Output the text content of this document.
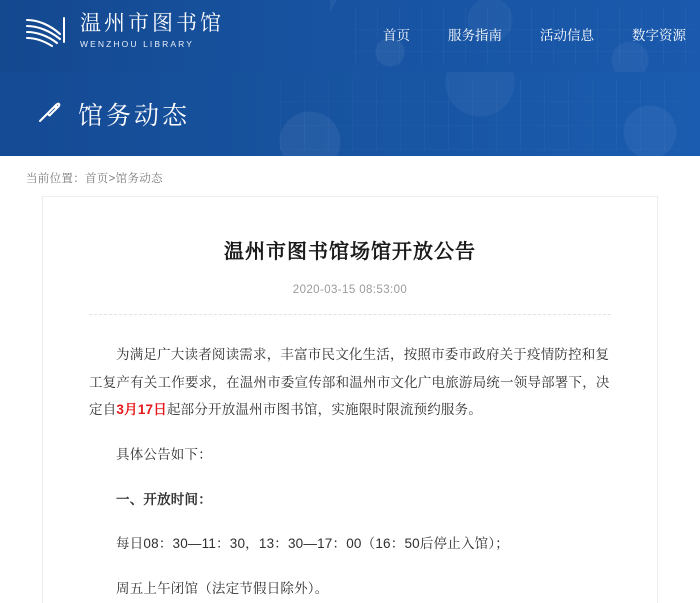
温州市图书馆
WENZHOU LIBRARY
首页	服务指南	活动信息	数字资源
馆务动态
当前位置：首页>馆务动态
温州市图书馆场馆开放公告
2020-03-15 08:53:00

为满足广大读者阅读需求，丰富市民文化生活，按照市委市政府关于疫情防控和复工复产有关工作要求，在温州市委宣传部和温州市文化广电旅游局统一领导部署下，决定自3月17日起部分开放温州市图书馆，实施限时限流预约服务。

具体公告如下：

一、开放时间：

每日08：30—11：30，13：30—17：00（16：50后停止入馆）；

周五上午闭馆（法定节假日除外）。
